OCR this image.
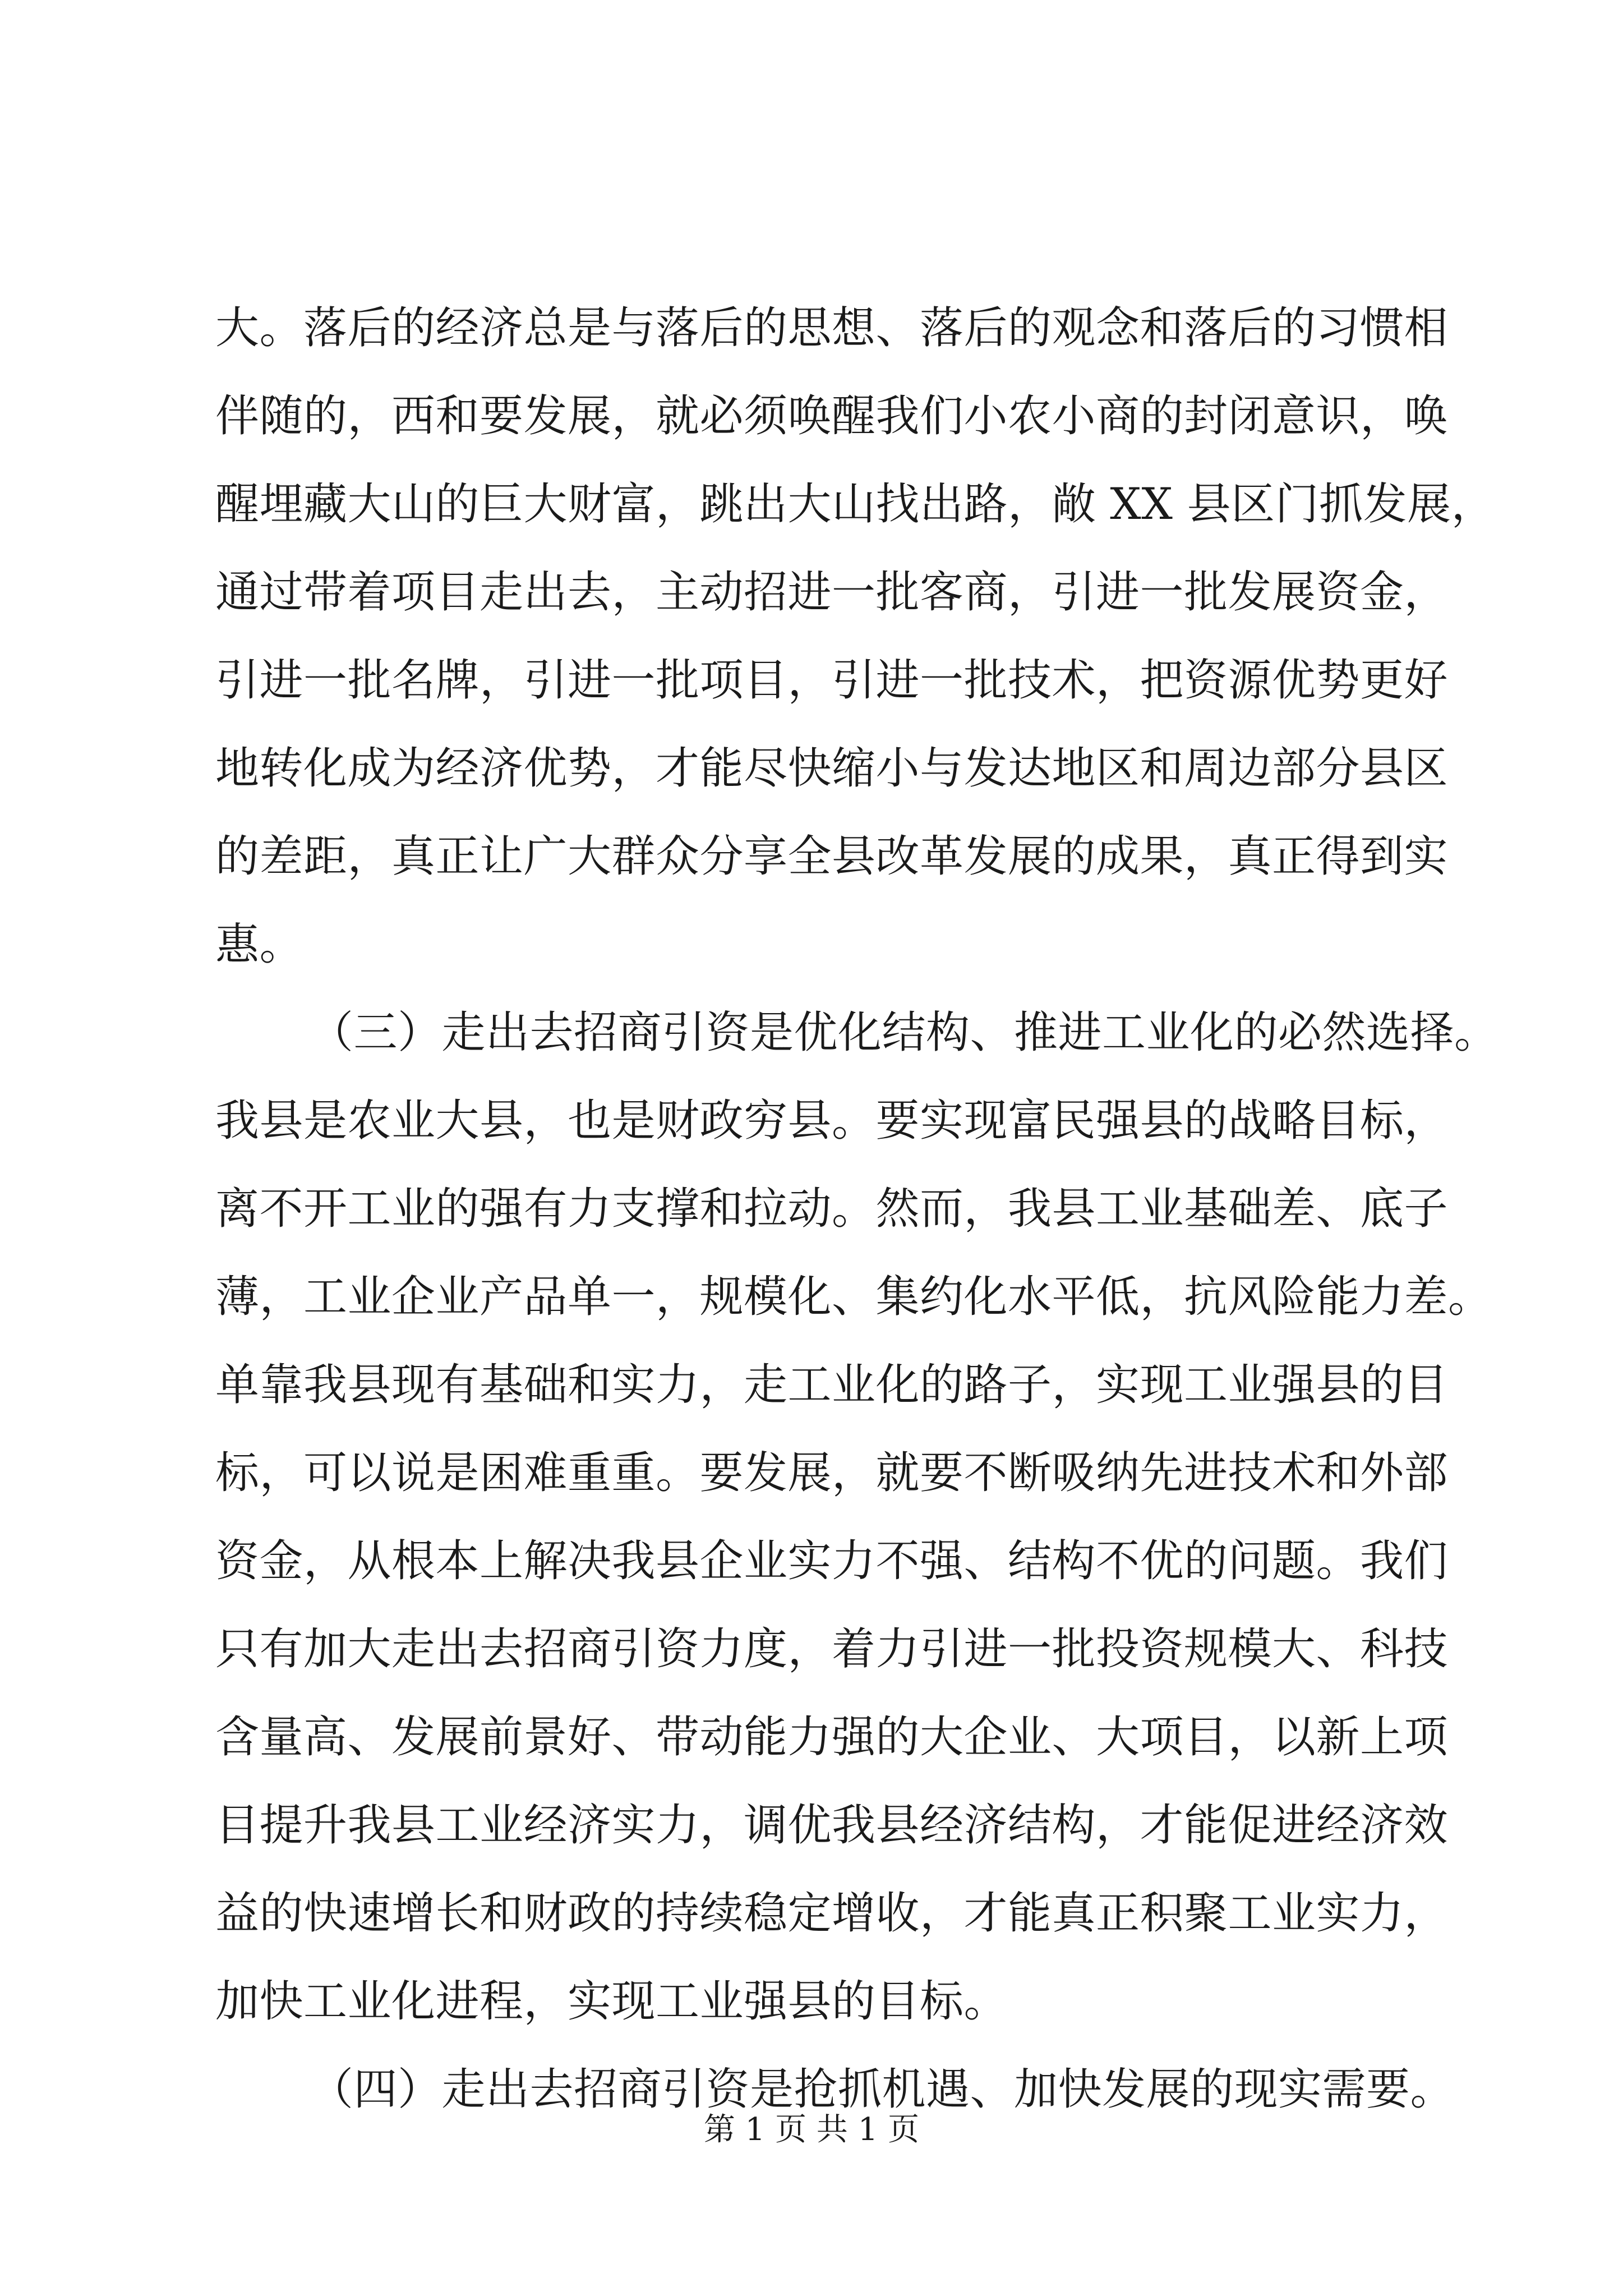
大。落后的经济总是与落后的思想、落后的观念和落后的习惯相
伴随的，西和要发展，就必须唤醒我们小农小商的封闭意识，唤
醒埋藏大山的巨大财富，跳出大山找出路，敞 XX 县区门抓发展，
通过带着项目走出去，主动招进一批客商，引进一批发展资金，
引进一批名牌，引进一批项目，引进一批技术，把资源优势更好
地转化成为经济优势，才能尽快缩小与发达地区和周边部分县区
的差距，真正让广大群众分享全县改革发展的成果，真正得到实
惠。
（三）走出去招商引资是优化结构、推进工业化的必然选择。
我县是农业大县，也是财政穷县。要实现富民强县的战略目标，
离不开工业的强有力支撑和拉动。然而，我县工业基础差、底子
薄，工业企业产品单一，规模化、集约化水平低，抗风险能力差。
单靠我县现有基础和实力，走工业化的路子，实现工业强县的目
标，可以说是困难重重。要发展，就要不断吸纳先进技术和外部
资金，从根本上解决我县企业实力不强、结构不优的问题。我们
只有加大走出去招商引资力度，着力引进一批投资规模大、科技
含量高、发展前景好、带动能力强的大企业、大项目，以新上项
目提升我县工业经济实力，调优我县经济结构，才能促进经济效
益的快速增长和财政的持续稳定增收，才能真正积聚工业实力，
加快工业化进程，实现工业强县的目标。
（四）走出去招商引资是抢抓机遇、加快发展的现实需要。
第 1 页 共 1 页
